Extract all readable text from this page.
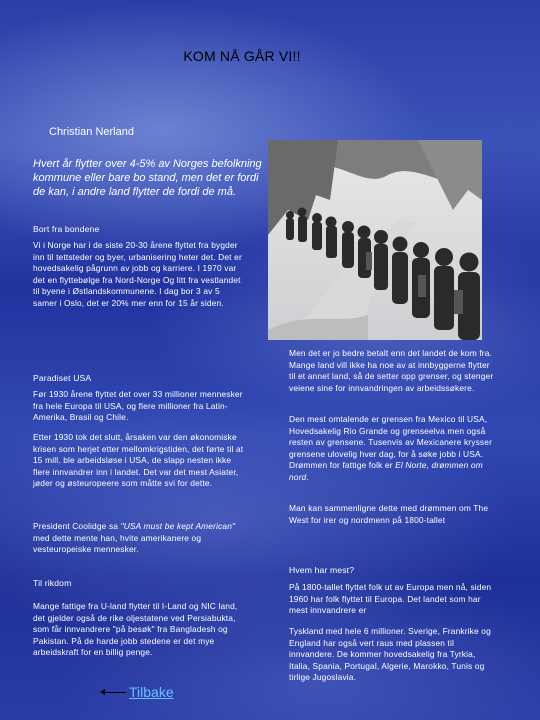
KOM NÅ GÅR VI!!
Christian Nerland
Hvert år flytter over 4-5% av Norges befolkning kommune eller bare bo stand, men det er fordi de kan, i andre land flytter de fordi de må.
Bort fra bondene
Vi i Norge har i de siste 20-30 årene flyttet fra bygder inn til tettsteder og byer, urbanisering heter det. Det er hovedsakelig pågrunn av jobb og karriere. I 1970 var det en flyttebølge fra Nord-Norge Og litt fra vestlandet til byene i Østlandskommunene. I dag bor 3 av 5 samer i Oslo, det er 20% mer enn for 15 år siden.
Paradiset USA
Før 1930 årene flyttet det over 33 millioner mennesker fra hele Europa til USA, og flere millioner fra Latin-Amerika, Brasil og Chile.
Etter 1930 tok det slutt, årsaken var den økonomiske krisen som herjet etter mellomkrigstiden, det førte til at 15 mill. ble arbeidsløse i USA, de slapp nesten ikke flere innvandrer inn i landet. Det var det mest Asiater, jøder og østeuropeere som måtte svi for dette.
President Coolidge sa "USA must be kept American" med dette mente han, hvite amerikanere og vesteuropeiske mennesker.
Til rikdom
Mange fattige fra U-land flytter til I-Land og NIC land, det gjelder også de rike oljestatene ved Persiabukta, som får innvandrere "på besøk" fra Bangladesh og Pakistan. På de harde jobb stedene er det mye arbeidskraft for en billig penge.
Men det er jo bedre betalt enn det landet de kom fra. Mange land vill ikke ha noe av at innbyggerne flytter til et annet land, så de setter opp grenser, og stenger veiene sine for innvandringen av arbeidssøkere.
Den mest omtalende er grensen fra Mexico til USA, Hovedsakelig Rio Grande og grenseelva men også resten av grensene. Tusenvis av Mexicanere krysser grensene ulovelig hver dag, for å søke jobb i USA. Drømmen for fattige folk er El Norte, drømmen om nord.
Man kan sammenligne dette med drømmen om The West for irer og nordmenn på 1800-tallet
Hvem har mest?
På 1800-tallet flyttet folk ut av Europa men nå, siden 1960 har folk flyttet til Europa. Det landet som har mest innvandrere er
Tyskland med hele 6 millioner. Sverige, Frankrike og England har også vert raus med plassen til innvandere. De kommer hovedsakelig fra Tyrkia, Italia, Spania, Portugal, Algerie, Marokko, Tunis og tirlige Jugoslavia.
Tilbake
